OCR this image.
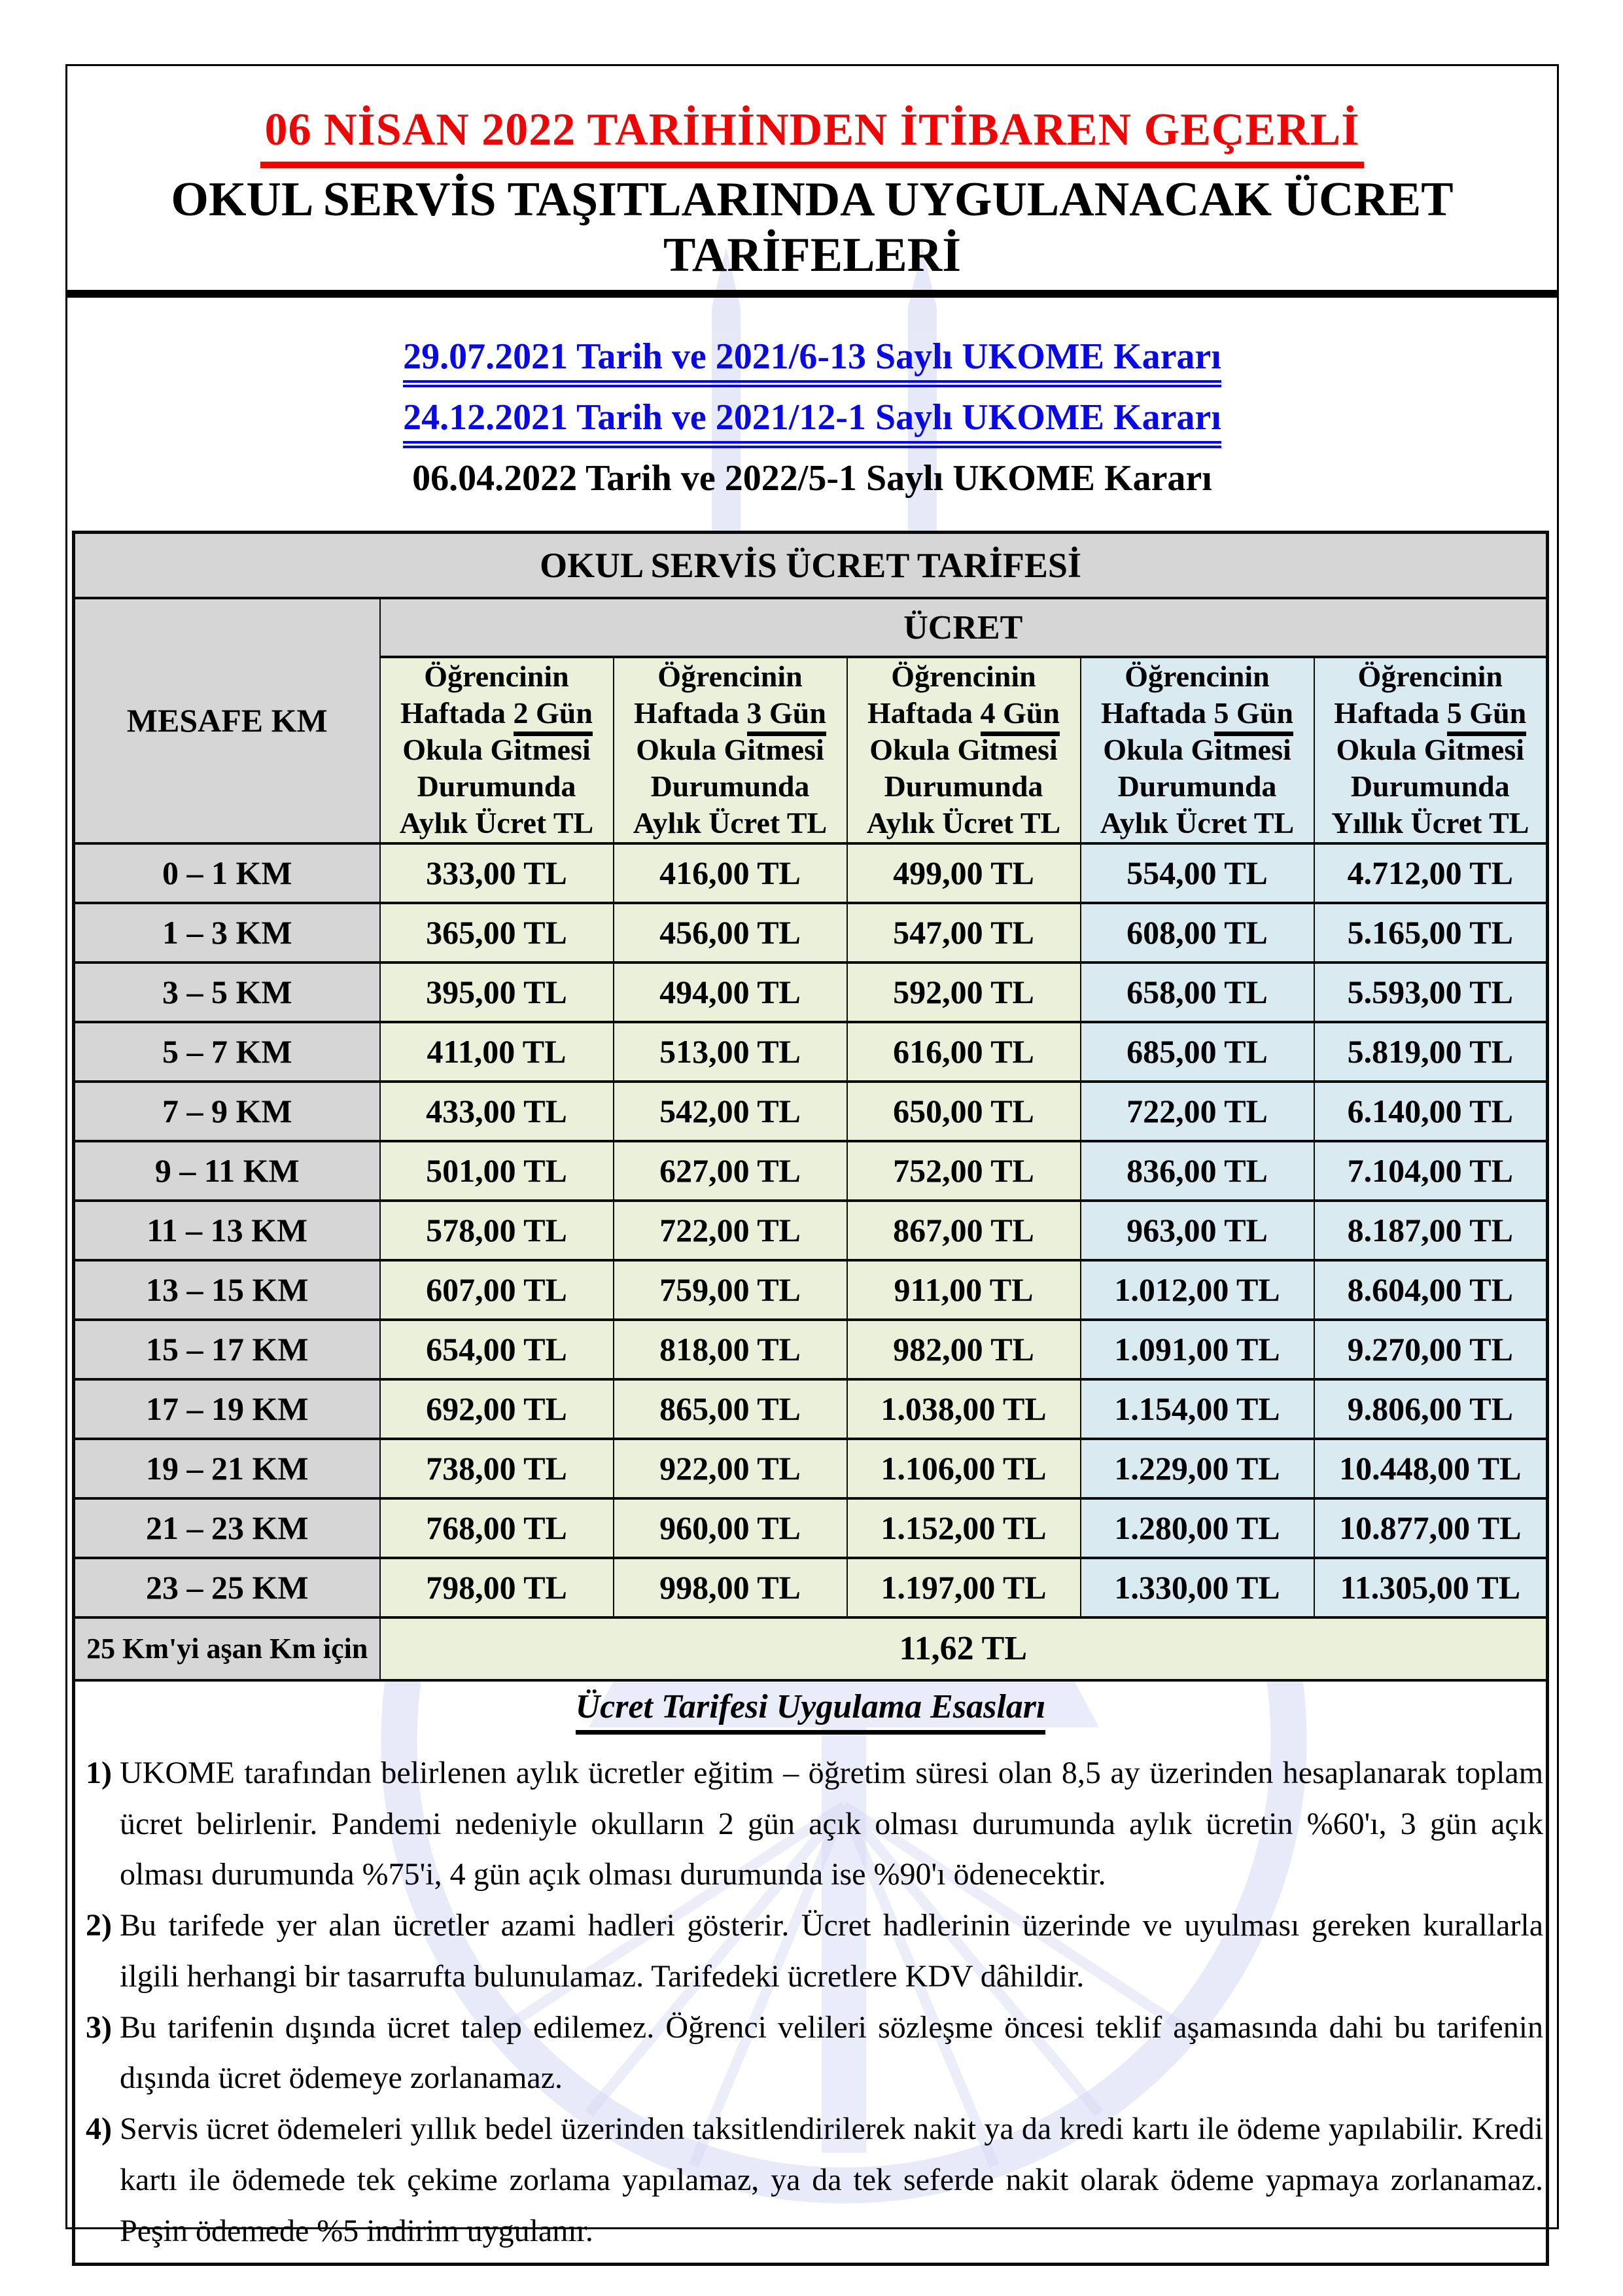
06 NİSAN 2022 TARİHİNDEN İTİBAREN GEÇERLİ
OKUL SERVİS TAŞITLARINDA UYGULANACAK ÜCRET TARİFELERİ
29.07.2021 Tarih ve 2021/6-13 Saylı UKOME Kararı
24.12.2021 Tarih ve 2021/12-1 Saylı UKOME Kararı
06.04.2022 Tarih ve 2022/5-1 Saylı UKOME Kararı
OKUL SERVİS ÜCRET TARİFESİ					
MESAFE KM	ÜCRET				
	Öğrencinin Haftada 2 Gün Okula Gitmesi Durumunda Aylık Ücret TL	Öğrencinin Haftada 3 Gün Okula Gitmesi Durumunda Aylık Ücret TL	Öğrencinin Haftada 4 Gün Okula Gitmesi Durumunda Aylık Ücret TL	Öğrencinin Haftada 5 Gün Okula Gitmesi Durumunda Aylık Ücret TL	Öğrencinin Haftada 5 Gün Okula Gitmesi Durumunda Yıllık Ücret TL
0 – 1 KM	333,00 TL	416,00 TL	499,00 TL	554,00 TL	4.712,00 TL
1 – 3 KM	365,00 TL	456,00 TL	547,00 TL	608,00 TL	5.165,00 TL
3 – 5 KM	395,00 TL	494,00 TL	592,00 TL	658,00 TL	5.593,00 TL
5 – 7 KM	411,00 TL	513,00 TL	616,00 TL	685,00 TL	5.819,00 TL
7 – 9 KM	433,00 TL	542,00 TL	650,00 TL	722,00 TL	6.140,00 TL
9 – 11 KM	501,00 TL	627,00 TL	752,00 TL	836,00 TL	7.104,00 TL
11 – 13 KM	578,00 TL	722,00 TL	867,00 TL	963,00 TL	8.187,00 TL
13 – 15 KM	607,00 TL	759,00 TL	911,00 TL	1.012,00 TL	8.604,00 TL
15 – 17 KM	654,00 TL	818,00 TL	982,00 TL	1.091,00 TL	9.270,00 TL
17 – 19 KM	692,00 TL	865,00 TL	1.038,00 TL	1.154,00 TL	9.806,00 TL
19 – 21 KM	738,00 TL	922,00 TL	1.106,00 TL	1.229,00 TL	10.448,00 TL
21 – 23 KM	768,00 TL	960,00 TL	1.152,00 TL	1.280,00 TL	10.877,00 TL
23 – 25 KM	798,00 TL	998,00 TL	1.197,00 TL	1.330,00 TL	11.305,00 TL
25 Km'yi aşan Km için	11,62 TL				

Ücret Tarifesi Uygulama Esasları
1) UKOME tarafından belirlenen aylık ücretler eğitim – öğretim süresi olan 8,5 ay üzerinden hesaplanarak toplam ücret belirlenir. Pandemi nedeniyle okulların 2 gün açık olması durumunda aylık ücretin %60'ı, 3 gün açık olması durumunda %75'i, 4 gün açık olması durumunda ise %90'ı ödenecektir.
2) Bu tarifede yer alan ücretler azami hadleri gösterir. Ücret hadlerinin üzerinde ve uyulması gereken kurallarla ilgili herhangi bir tasarrufta bulunulamaz. Tarifedeki ücretlere KDV dâhildir.
3) Bu tarifenin dışında ücret talep edilemez. Öğrenci velileri sözleşme öncesi teklif aşamasında dahi bu tarifenin dışında ücret ödemeye zorlanamaz.
4) Servis ücret ödemeleri yıllık bedel üzerinden taksitlendirilerek nakit ya da kredi kartı ile ödeme yapılabilir. Kredi kartı ile ödemede tek çekime zorlama yapılamaz, ya da tek seferde nakit olarak ödeme yapmaya zorlanamaz. Peşin ödemede %5 indirim uygulanır.
